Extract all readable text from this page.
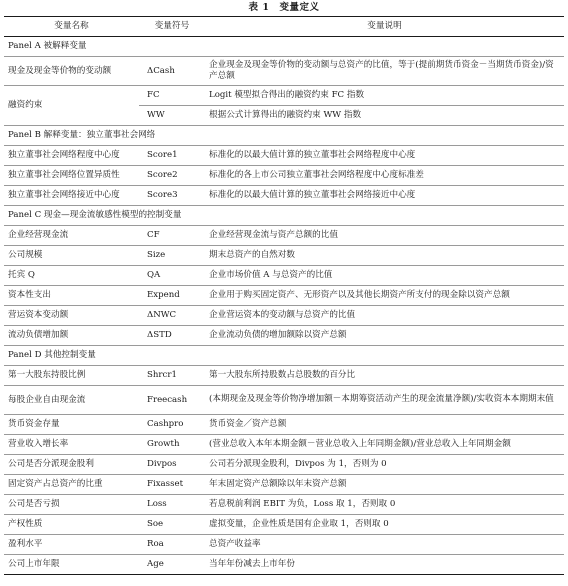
表 1　变量定义
变量名称	变量符号	变量说明
Panel A 被解释变量		
现金及现金等价物的变动额	ΔCash	企业现金及现金等价物的变动额与总资产的比值，等于(提前期货币资金－当期货币资金)/资产总额
融资约束	FC	Logit 模型拟合得出的融资约束 FC 指数
	WW	根据公式计算得出的融资约束 WW 指数
Panel B 解释变量：独立董事社会网络		
独立董事社会网络程度中心度	Score1	标准化的以最大值计算的独立董事社会网络程度中心度
独立董事社会网络位置异质性	Score2	标准化的各上市公司独立董事社会网络程度中心度标准差
独立董事社会网络接近中心度	Score3	标准化的以最大值计算的独立董事社会网络接近中心度
Panel C 现金—现金流敏感性模型的控制变量		
企业经营现金流	CF	企业经营现金流与资产总额的比值
公司规模	Size	期末总资产的自然对数
托宾 Q	QA	企业市场价值 A 与总资产的比值
资本性支出	Expend	企业用于购买固定资产、无形资产以及其他长期资产所支付的现金除以资产总额
营运资本变动额	ΔNWC	企业营运资本的变动额与总资产的比值
流动负债增加额	ΔSTD	企业流动负债的增加额除以资产总额
Panel D 其他控制变量		
第一大股东持股比例	Shrcr1	第一大股东所持股数占总股数的百分比
每股企业自由现金流	Freecash	(本期现金及现金等价物净增加额－本期筹资活动产生的现金流量净额)/实收资本本期期末值
货币资金存量	Cashpro	货币资金／资产总额
营业收入增长率	Growth	(营业总收入本年本期金额－营业总收入上年同期金额)/营业总收入上年同期金额
公司是否分派现金股利	Divpos	公司若分派现金股利，Divpos 为 1，否则为 0
固定资产占总资产的比重	Fixasset	年末固定资产总额除以年末资产总额
公司是否亏损	Loss	若息税前利润 EBIT 为负，Loss 取 1，否则取 0
产权性质	Soe	虚拟变量，企业性质是国有企业取 1，否则取 0
盈利水平	Roa	总资产收益率
公司上市年限	Age	当年年份减去上市年份
